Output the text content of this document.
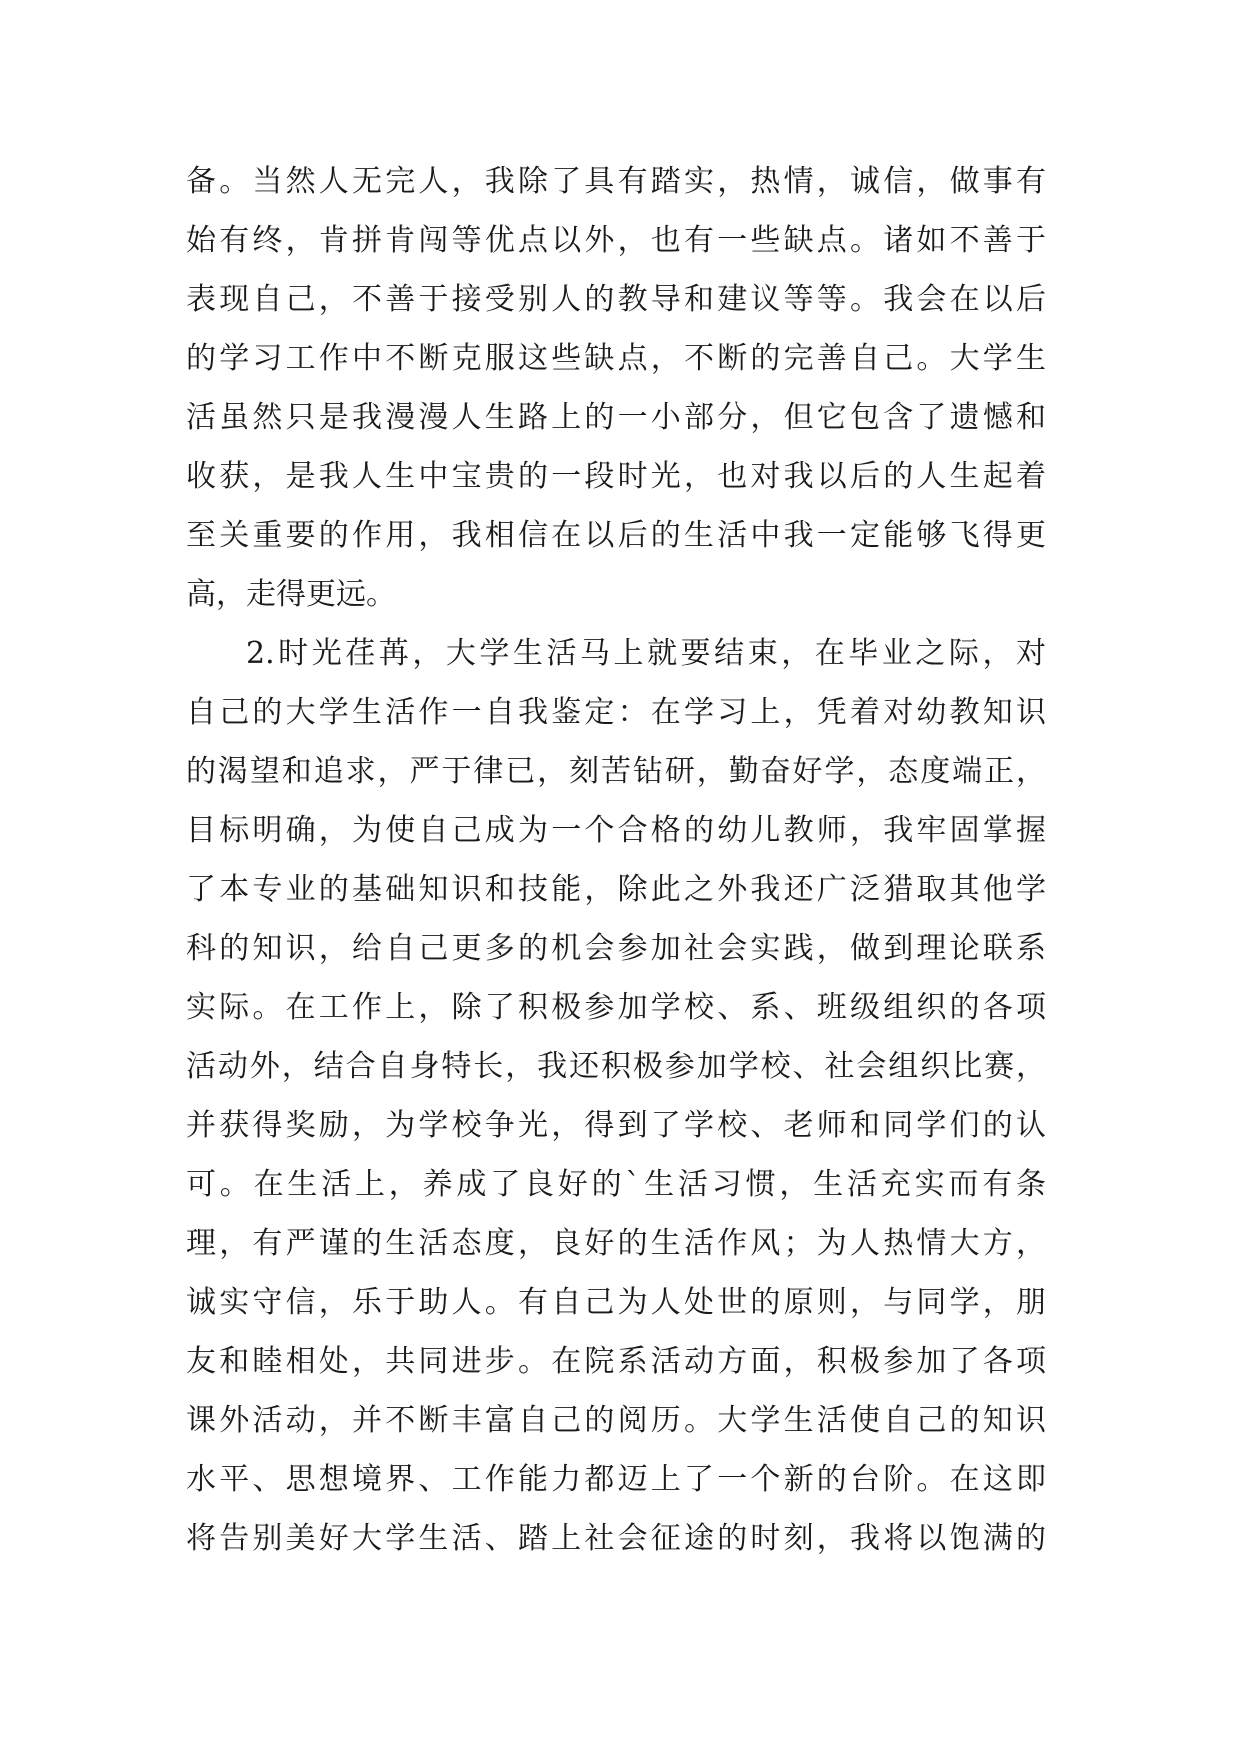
备。当然人无完人，我除了具有踏实，热情，诚信，做事有
始有终，肯拼肯闯等优点以外，也有一些缺点。诸如不善于
表现自己，不善于接受别人的教导和建议等等。我会在以后
的学习工作中不断克服这些缺点，不断的完善自己。大学生
活虽然只是我漫漫人生路上的一小部分，但它包含了遗憾和
收获，是我人生中宝贵的一段时光，也对我以后的人生起着
至关重要的作用，我相信在以后的生活中我一定能够飞得更
高，走得更远。
2.时光荏苒，大学生活马上就要结束，在毕业之际，对
自己的大学生活作一自我鉴定：在学习上，凭着对幼教知识
的渴望和追求，严于律已，刻苦钻研，勤奋好学，态度端正，
目标明确，为使自己成为一个合格的幼儿教师，我牢固掌握
了本专业的基础知识和技能，除此之外我还广泛猎取其他学
科的知识，给自己更多的机会参加社会实践，做到理论联系
实际。在工作上，除了积极参加学校、系、班级组织的各项
活动外，结合自身特长，我还积极参加学校、社会组织比赛，
并获得奖励，为学校争光，得到了学校、老师和同学们的认
可。在生活上，养成了良好的`生活习惯，生活充实而有条
理，有严谨的生活态度，良好的生活作风；为人热情大方，
诚实守信，乐于助人。有自己为人处世的原则，与同学，朋
友和睦相处，共同进步。在院系活动方面，积极参加了各项
课外活动，并不断丰富自己的阅历。大学生活使自己的知识
水平、思想境界、工作能力都迈上了一个新的台阶。在这即
将告别美好大学生活、踏上社会征途的时刻，我将以饱满的
